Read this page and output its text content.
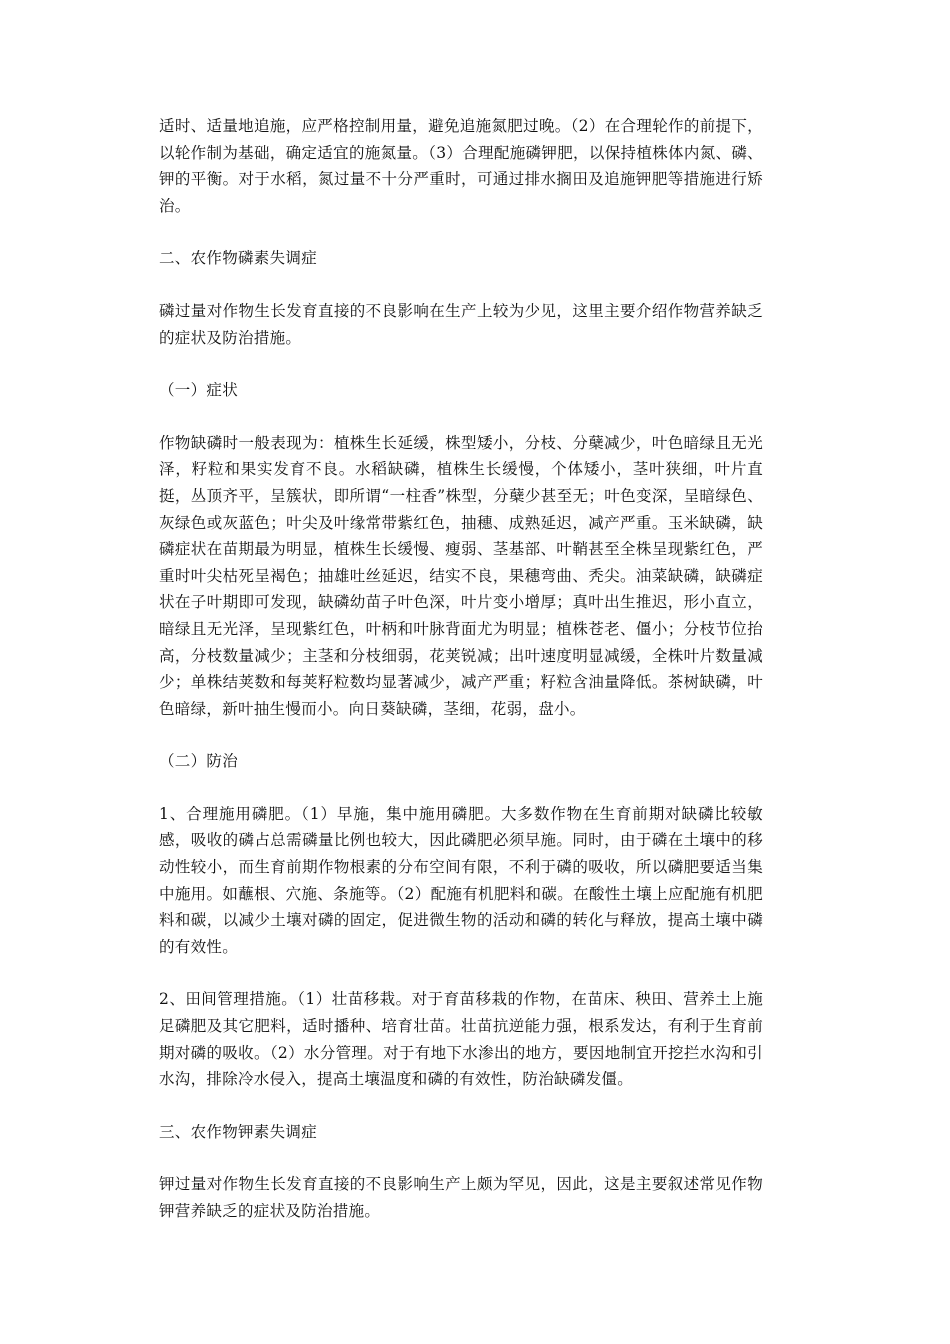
适时、适量地追施，应严格控制用量，避免追施氮肥过晚。（2）在合理轮作的前提下，以轮作制为基础，确定适宜的施氮量。（3）合理配施磷钾肥，以保持植株体内氮、磷、钾的平衡。对于水稻，氮过量不十分严重时，可通过排水搁田及追施钾肥等措施进行矫治。

二、农作物磷素失调症

磷过量对作物生长发育直接的不良影响在生产上较为少见，这里主要介绍作物营养缺乏的症状及防治措施。

（一）症状

作物缺磷时一般表现为：植株生长延缓，株型矮小，分枝、分蘖减少，叶色暗绿且无光泽，籽粒和果实发育不良。水稻缺磷，植株生长缓慢，个体矮小，茎叶狭细，叶片直挺，丛顶齐平，呈簇状，即所谓“一柱香”株型，分蘖少甚至无；叶色变深，呈暗绿色、灰绿色或灰蓝色；叶尖及叶缘常带紫红色，抽穗、成熟延迟，减产严重。玉米缺磷，缺磷症状在苗期最为明显，植株生长缓慢、瘦弱、茎基部、叶鞘甚至全株呈现紫红色，严重时叶尖枯死呈褐色；抽雄吐丝延迟，结实不良，果穗弯曲、秃尖。油菜缺磷，缺磷症状在子叶期即可发现，缺磷幼苗子叶色深，叶片变小增厚；真叶出生推迟，形小直立，暗绿且无光泽，呈现紫红色，叶柄和叶脉背面尤为明显；植株苍老、僵小；分枝节位抬高，分枝数量减少；主茎和分枝细弱，花荚锐减；出叶速度明显减缓，全株叶片数量减少；单株结荚数和每荚籽粒数均显著减少，减产严重；籽粒含油量降低。茶树缺磷，叶色暗绿，新叶抽生慢而小。向日葵缺磷，茎细，花弱，盘小。

（二）防治

1、合理施用磷肥。（1）早施，集中施用磷肥。大多数作物在生育前期对缺磷比较敏感，吸收的磷占总需磷量比例也较大，因此磷肥必须早施。同时，由于磷在土壤中的移动性较小，而生育前期作物根素的分布空间有限，不利于磷的吸收，所以磷肥要适当集中施用。如蘸根、穴施、条施等。（2）配施有机肥料和碳。在酸性土壤上应配施有机肥料和碳，以减少土壤对磷的固定，促进微生物的活动和磷的转化与释放，提高土壤中磷的有效性。

2、田间管理措施。（1）壮苗移栽。对于育苗移栽的作物，在苗床、秧田、营养土上施足磷肥及其它肥料，适时播种、培育壮苗。壮苗抗逆能力强，根系发达，有利于生育前期对磷的吸收。（2）水分管理。对于有地下水渗出的地方，要因地制宜开挖拦水沟和引水沟，排除冷水侵入，提高土壤温度和磷的有效性，防治缺磷发僵。

三、农作物钾素失调症

钾过量对作物生长发育直接的不良影响生产上颇为罕见，因此，这是主要叙述常见作物钾营养缺乏的症状及防治措施。
